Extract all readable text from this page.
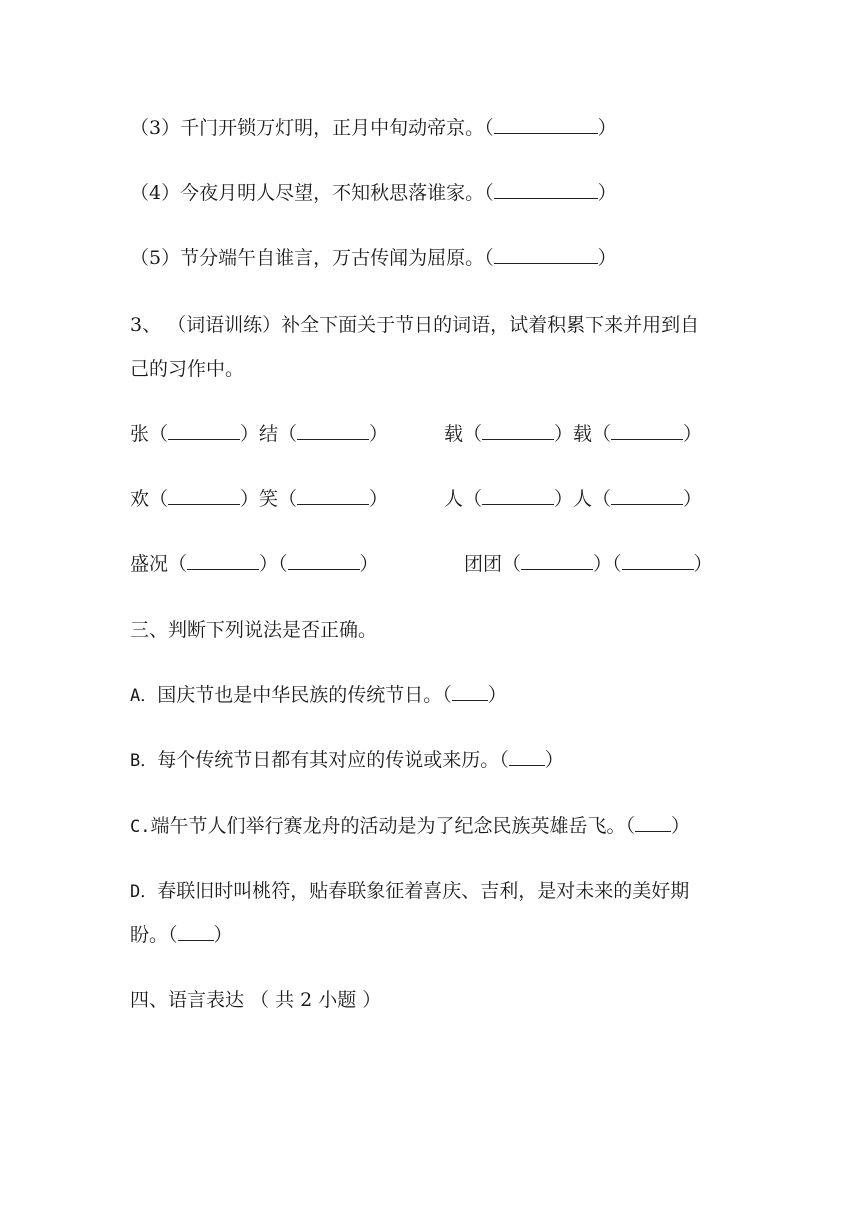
（3）千门开锁万灯明，正月中旬动帝京。（	）
（4）今夜月明人尽望，不知秋思落谁家。（	）
（5）节分端午自谁言，万古传闻为屈原。（	）
3、 （词语训练）补全下面关于节日的词语，试着积累下来并用到自
己的习作中。
张（	）结（	）	载（	）载（	）
欢（	）笑（	）	人（	）人（	）
盛况（	）（	）	团团（	）（	）
三、判断下列说法是否正确。
A．国庆节也是中华民族的传统节日。（ ）
B．每个传统节日都有其对应的传说或来历。（ ）
C.端午节人们举行赛龙舟的活动是为了纪念民族英雄岳飞。（ ）
D．春联旧时叫桃符，贴春联象征着喜庆、吉利，是对未来的美好期
盼。（ ）
四、语言表达 （ 共 2 小题 ）
